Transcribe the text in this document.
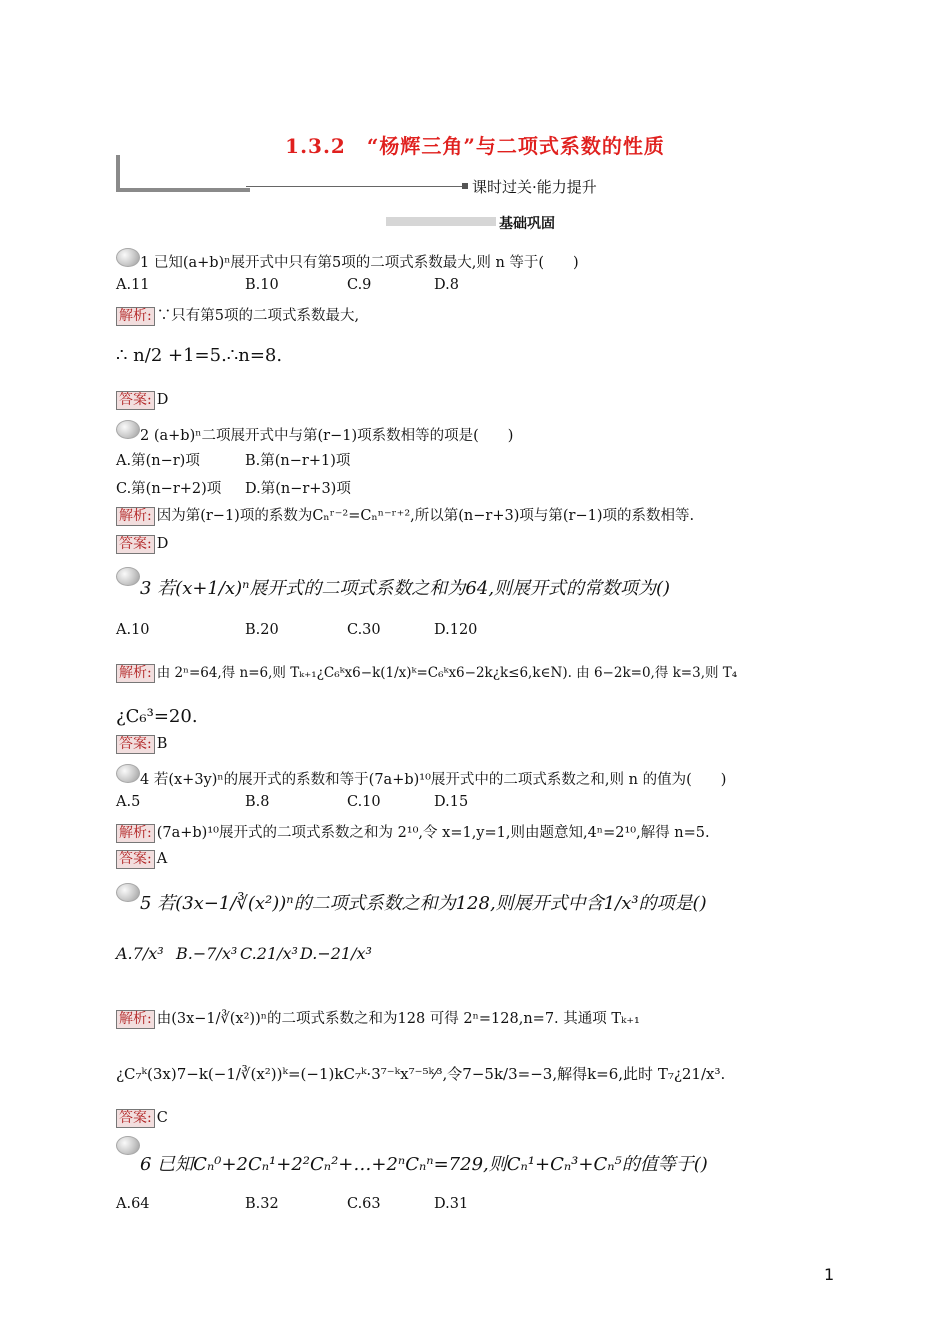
1.3.2　“杨辉三角”与二项式系数的性质
课时过关·能力提升
基础巩固
1 已知(a+b)ⁿ展开式中只有第5项的二项式系数最大,则 n 等于(　　)
A.11	B.10	C.9	D.8
解析: ∵只有第5项的二项式系数最大,
∴ n/2 +1=5.∴n=8.
答案: D
2 (a+b)ⁿ二项展开式中与第(r−1)项系数相等的项是(　　)
A.第(n−r)项	B.第(n−r+1)项
C.第(n−r+2)项 D.第(n−r+3)项
解析: 因为第(r−1)项的系数为Cₙʳ⁻²=Cₙⁿ⁻ʳ⁺²,所以第(n−r+3)项与第(r−1)项的系数相等.
答案: D
3 若(x+1/x)ⁿ展开式的二项式系数之和为64,则展开式的常数项为()
A.10	B.20	C.30	D.120
解析: 由 2ⁿ=64,得 n=6,则 Tₖ₊₁¿C₆ᵏx6−k(1/x)ᵏ=C₆ᵏx6−2k¿k≤6,k∈N). 由 6−2k=0,得 k=3,则 T₄
¿C₆³=20.
答案: B
4 若(x+3y)ⁿ的展开式的系数和等于(7a+b)¹⁰展开式中的二项式系数之和,则 n 的值为(　　)
A.5	B.8	C.10	D.15
解析: (7a+b)¹⁰展开式的二项式系数之和为 2¹⁰,令 x=1,y=1,则由题意知,4ⁿ=2¹⁰,解得 n=5.
答案: A
5 若(3x−1/∛(x²))ⁿ的二项式系数之和为128,则展开式中含1/x³的项是()
A.7/x³ B.−7/x³ C.21/x³ D.−21/x³
解析: 由(3x−1/∛(x²))ⁿ的二项式系数之和为128 可得 2ⁿ=128,n=7. 其通项 Tₖ₊₁
¿C₇ᵏ(3x)7−k(−1/∛(x²))ᵏ=(−1)kC₇ᵏ·3⁷⁻ᵏx⁷⁻⁵ᵏ⁄³,令7−5k/3=−3,解得k=6,此时 T₇¿21/x³.
答案: C
6 已知Cₙ⁰+2Cₙ¹+2²Cₙ²+…+2ⁿCₙⁿ=729,则Cₙ¹+Cₙ³+Cₙ⁵的值等于()
A.64	B.32	C.63	D.31
1
